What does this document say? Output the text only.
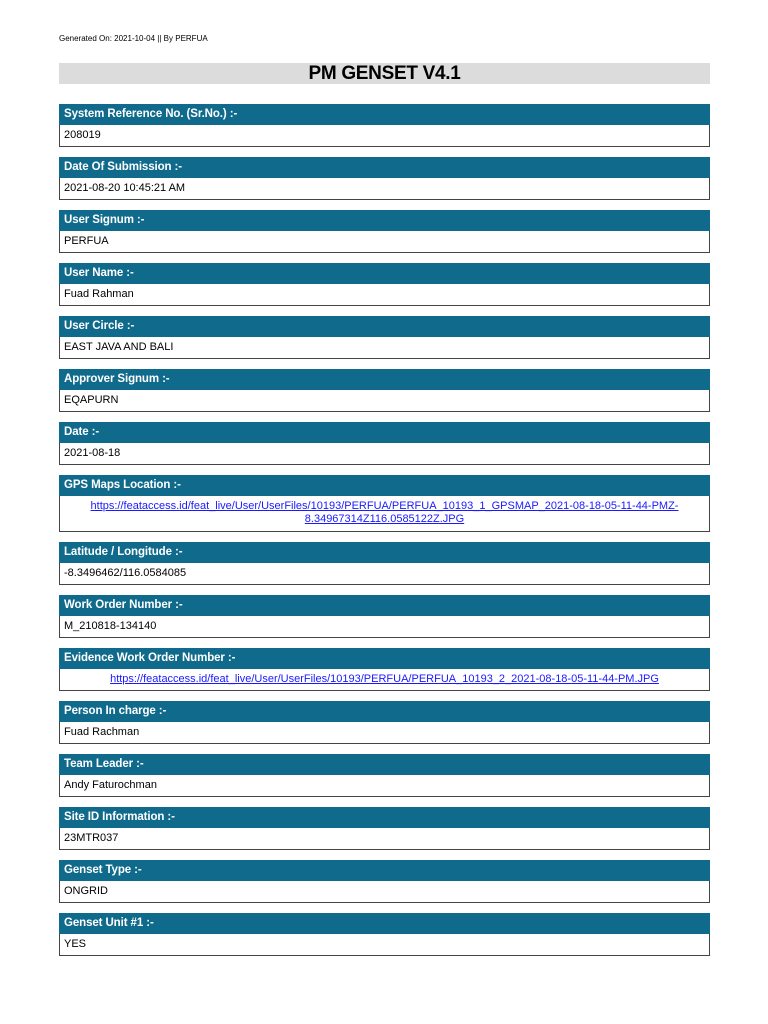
Generated On: 2021-10-04 || By PERFUA
PM GENSET V4.1
System Reference No. (Sr.No.) :-
208019
Date Of Submission :-
2021-08-20 10:45:21 AM
User Signum :-
PERFUA
User Name :-
Fuad Rahman
User Circle :-
EAST JAVA AND BALI
Approver Signum :-
EQAPURN
Date :-
2021-08-18
GPS Maps Location :-
https://feataccess.id/feat_live/User/UserFiles/10193/PERFUA/PERFUA_10193_1_GPSMAP_2021-08-18-05-11-44-PMZ-
8.34967314Z116.0585122Z.JPG
Latitude / Longitude :-
-8.3496462/116.0584085
Work Order Number :-
M_210818-134140
Evidence Work Order Number :-
https://feataccess.id/feat_live/User/UserFiles/10193/PERFUA/PERFUA_10193_2_2021-08-18-05-11-44-PM.JPG
Person In charge :-
Fuad Rachman
Team Leader :-
Andy Faturochman
Site ID Information :-
23MTR037
Genset Type :-
ONGRID
Genset Unit #1 :-
YES
